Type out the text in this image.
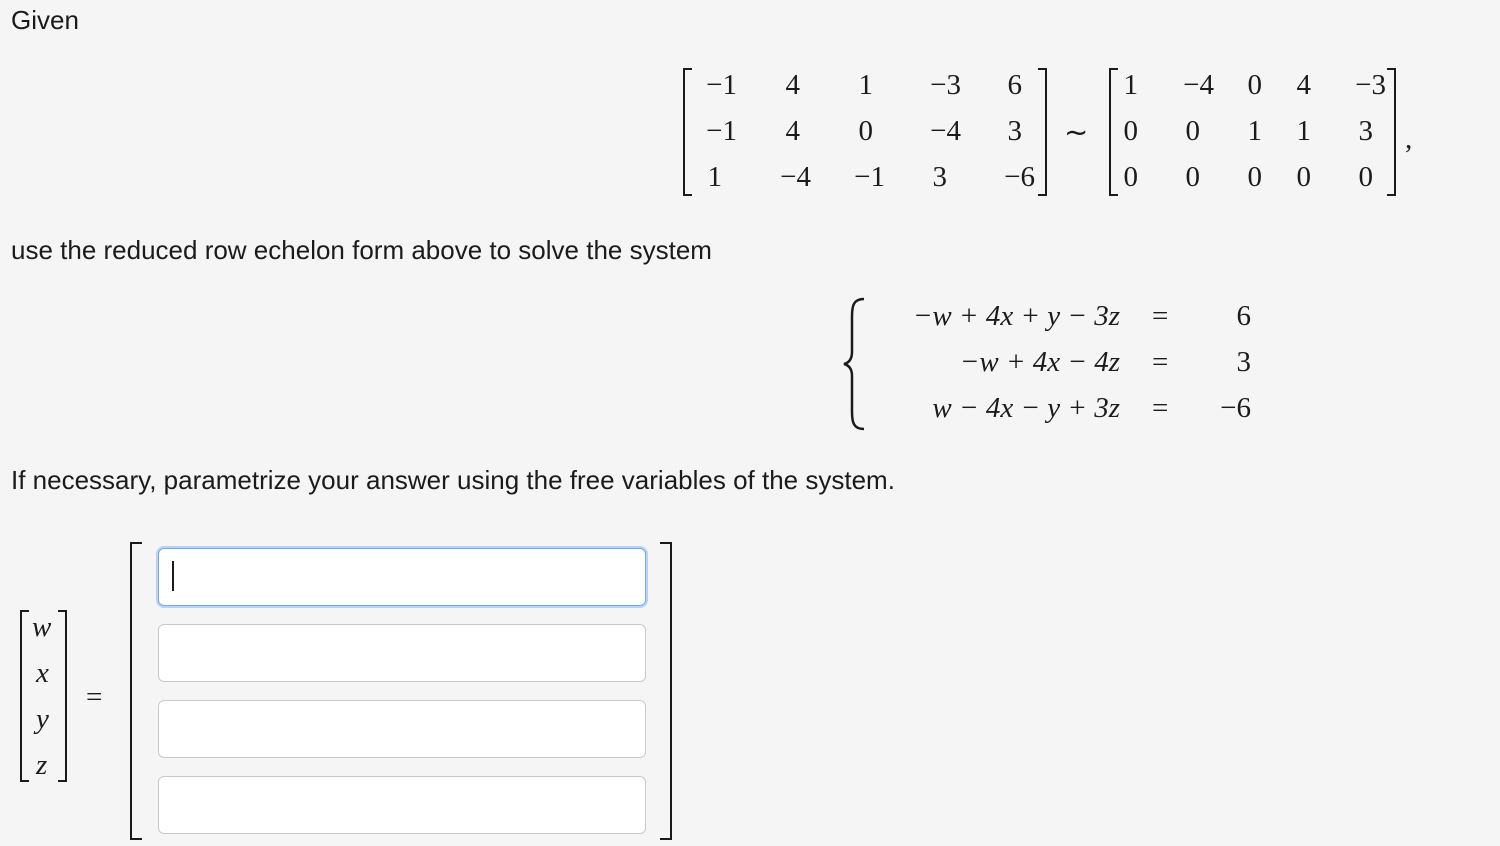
Given
use the reduced row echelon form above to solve the system
If necessary, parametrize your answer using the free variables of the system.
−1 4 1 −3 6
−1 4 0 −4 3
1 −4 −1 3 −6
∼
1 −4 0 4 −3
0 0 1 1 3
0 0 0 0 0
,
−w + 4x + y − 3z = 6
−w + 4x − 4z = 3
w − 4x − y + 3z = −6
w
x
y
z
=
